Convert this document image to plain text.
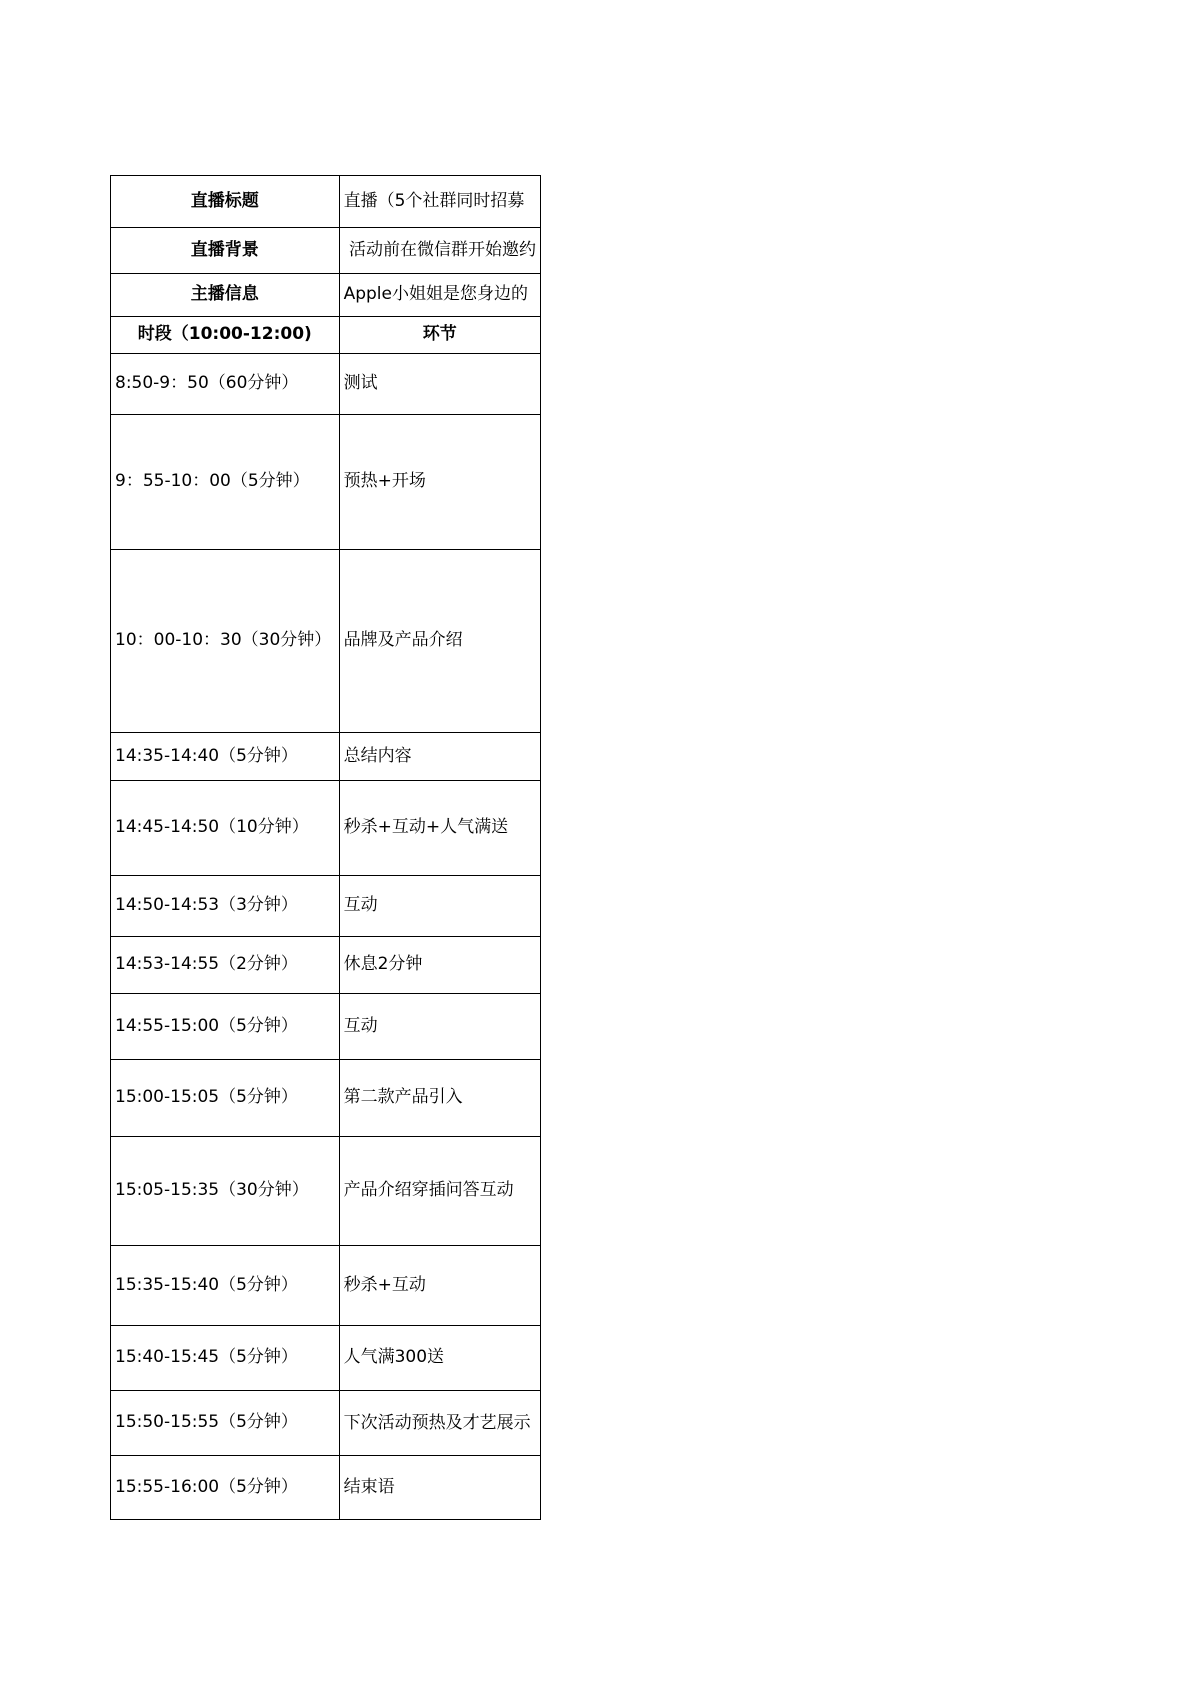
直播标题	直播（5个社群同时招募
直播背景	活动前在微信群开始邀约
主播信息	Apple小姐姐是您身边的
时段（10:00-12:00)	环节
8:50-9：50（60分钟）	测试
9：55-10：00（5分钟）	预热+开场
10：00-10：30（30分钟）	品牌及产品介绍
14:35-14:40（5分钟）	总结内容
14:45-14:50（10分钟）	秒杀+互动+人气满送
14:50-14:53（3分钟）	互动
14:53-14:55（2分钟）	休息2分钟
14:55-15:00（5分钟）	互动
15:00-15:05（5分钟）	第二款产品引入
15:05-15:35（30分钟）	产品介绍穿插问答互动
15:35-15:40（5分钟）	秒杀+互动
15:40-15:45（5分钟）	人气满300送
15:50-15:55（5分钟）	下次活动预热及才艺展示
15:55-16:00（5分钟）	结束语
